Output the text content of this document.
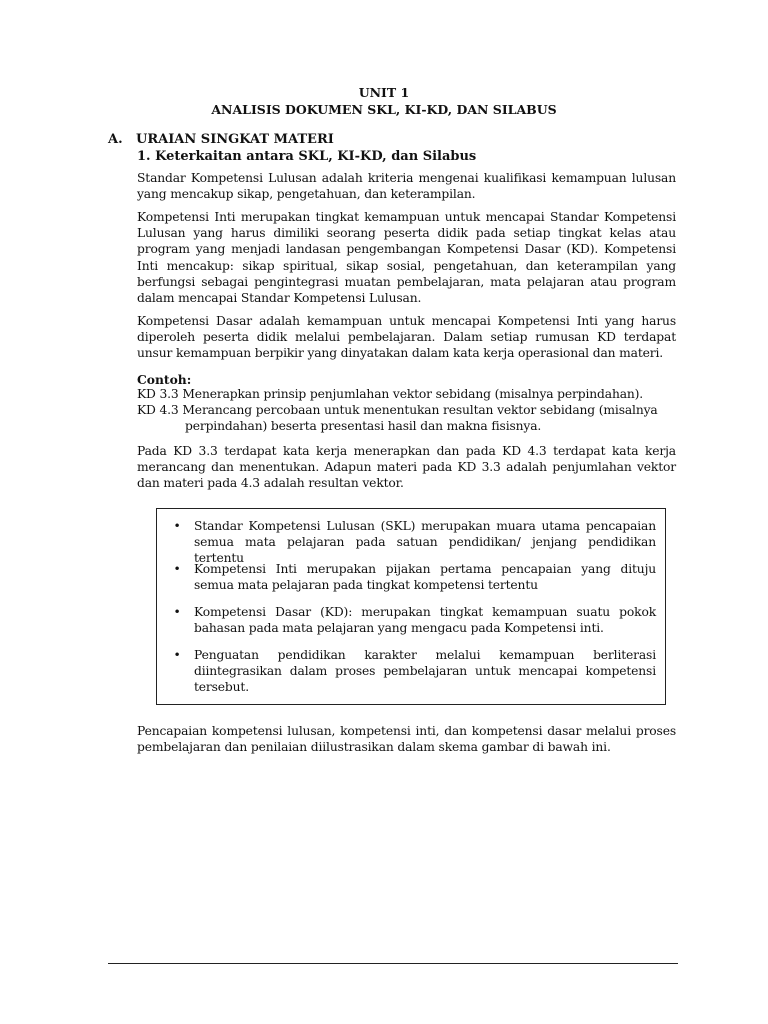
UNIT 1
ANALISIS DOKUMEN SKL, KI-KD, DAN SILABUS
A. URAIAN SINGKAT MATERI
1. Keterkaitan antara SKL, KI-KD, dan Silabus
Standar Kompetensi Lulusan adalah kriteria mengenai kualifikasi kemampuan lulusan yang mencakup sikap, pengetahuan, dan keterampilan.
Kompetensi Inti merupakan tingkat kemampuan untuk mencapai Standar Kompetensi Lulusan yang harus dimiliki seorang peserta didik pada setiap tingkat kelas atau program yang menjadi landasan pengembangan Kompetensi Dasar (KD). Kompetensi Inti mencakup: sikap spiritual, sikap sosial, pengetahuan, dan keterampilan yang berfungsi sebagai pengintegrasi muatan pembelajaran, mata pelajaran atau program dalam mencapai Standar Kompetensi Lulusan.
Kompetensi Dasar adalah kemampuan untuk mencapai Kompetensi Inti yang harus diperoleh peserta didik melalui pembelajaran. Dalam setiap rumusan KD terdapat unsur kemampuan berpikir yang dinyatakan dalam kata kerja operasional dan materi.
Contoh:
KD 3.3 Menerapkan prinsip penjumlahan vektor sebidang (misalnya perpindahan).
KD 4.3 Merancang percobaan untuk menentukan resultan vektor sebidang (misalnya
perpindahan) beserta presentasi hasil dan makna fisisnya.
Pada KD 3.3 terdapat kata kerja menerapkan dan pada KD 4.3 terdapat kata kerja merancang dan menentukan. Adapun materi pada KD 3.3 adalah penjumlahan vektor dan materi pada 4.3 adalah resultan vektor.
• Standar Kompetensi Lulusan (SKL) merupakan muara utama pencapaian semua mata pelajaran pada satuan pendidikan/ jenjang pendidikan tertentu
• Kompetensi Inti merupakan pijakan pertama pencapaian yang dituju semua mata pelajaran pada tingkat kompetensi tertentu
• Kompetensi Dasar (KD): merupakan tingkat kemampuan suatu pokok bahasan pada mata pelajaran yang mengacu pada Kompetensi inti.
• Penguatan pendidikan karakter melalui kemampuan berliterasi diintegrasikan dalam proses pembelajaran untuk mencapai kompetensi tersebut.
Pencapaian kompetensi lulusan, kompetensi inti, dan kompetensi dasar melalui proses pembelajaran dan penilaian diilustrasikan dalam skema gambar di bawah ini.
